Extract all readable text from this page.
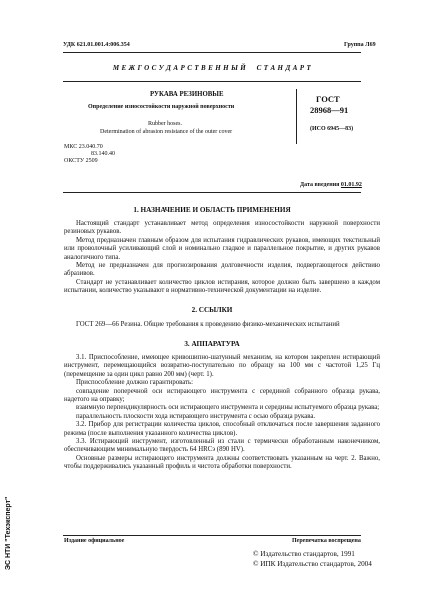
УДК 621.01.001.4:006.354	Группа Л69
М Е Ж Г О С У Д А Р С Т В Е Н Н Ы Й     С Т А Н Д А Р Т
РУКАВА РЕЗИНОВЫЕ
Определение износостойкости наружной поверхности
Rubber hoses.
Determination of abrasion resistance of the outer cover
ГОСТ
28968—91
(ИСО 6945—83)
МКС 23.040.70
83.140.40
ОКСТУ 2509
Дата введения 01.01.92
1. НАЗНАЧЕНИЕ И ОБЛАСТЬ ПРИМЕНЕНИЯ

Настоящий стандарт устанавливает метод определения износостойкости наружной поверхности резиновых рукавов.

Метод предназначен главным образом для испытания гидравлических рукавов, имеющих текстильный или проволочный усиливающий слой и номинально гладкое и параллельное покрытие, и других рукавов аналогичного типа.

Метод не предназначен для прогнозирования долговечности изделия, подвергающегося действию абразивов.

Стандарт не устанавливает количество циклов истирания, которое должно быть завершено в каждом испытании, количество указывают в нормативно-технической документации на изделие.

2. ССЫЛКИ

ГОСТ 269—66 Резина. Общие требования к проведению физико-механических испытаний

3. АППАРАТУРА

3.1. Приспособление, имеющее кривошипно-шатунный механизм, на котором закреплен истирающий инструмент, перемещающийся возвратно-поступательно по образцу на 100 мм с частотой 1,25 Гц (перемещение за один цикл равно 200 мм) (черт. 1).

Приспособление должно гарантировать:

совпадение поперечной оси истирающего инструмента с серединой собранного образца рукава, надетого на оправку;

взаимную перпендикулярность оси истирающего инструмента и середины испытуемого образца рукава;

параллельность плоскости хода истирающего инструмента с осью образца рукава.

3.2. Прибор для регистрации количества циклов, способный отключаться после завершения заданного режима (после выполнения указанного количества циклов).

3.3. Истирающий инструмент, изготовленный из стали с термически обработанным наконечником, обеспечивающим минимальную твердость 64 HRCэ (890 HV).

Основные размеры истирающего инструмента должны соответствовать указанным на черт. 2. Важно, чтобы поддерживались указанный профиль и чистота обработки поверхности.

Издание официальное	Перепечатка воспрещена
© Издательство стандартов, 1991
© ИПК Издательство стандартов, 2004
ЭС НТИ "Техэксперт"
